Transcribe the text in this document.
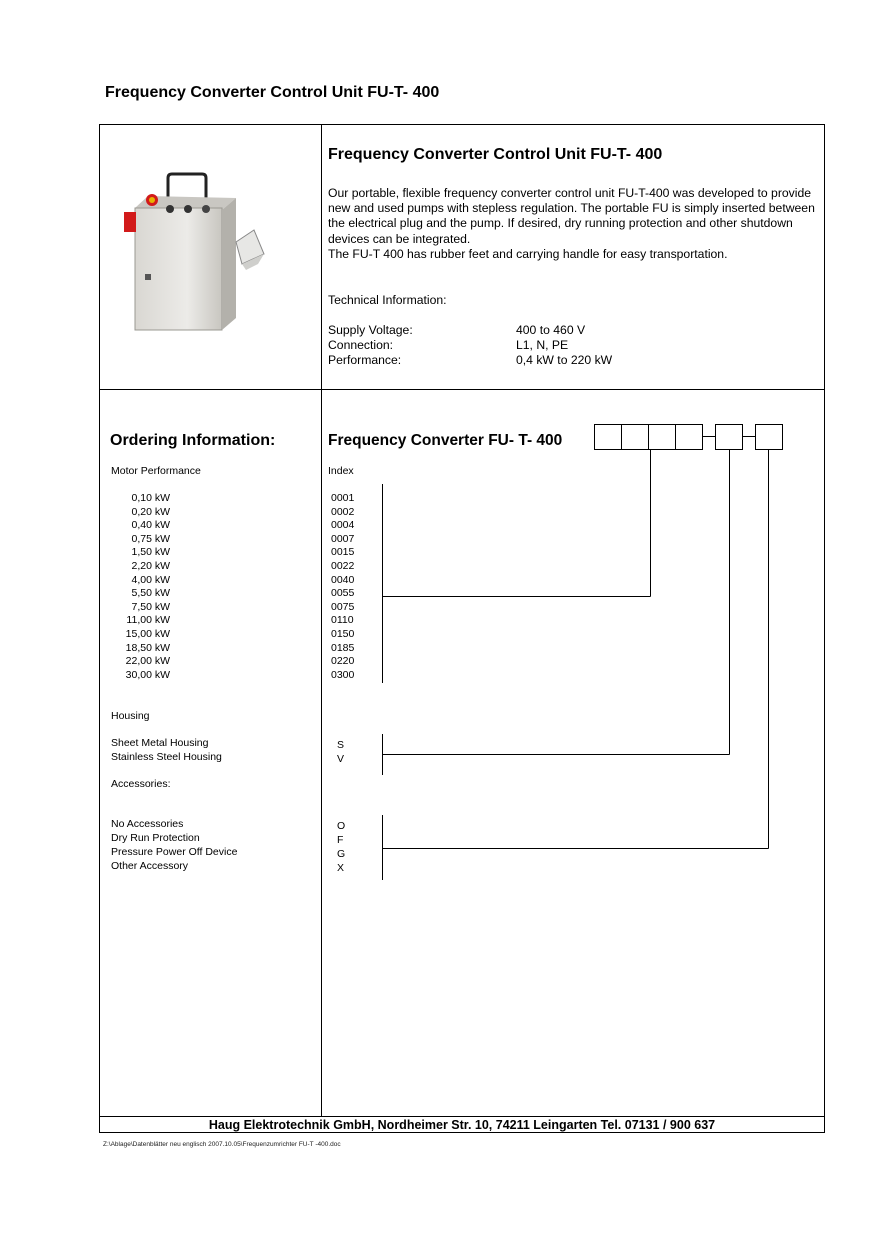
Frequency Converter Control Unit FU-T- 400
Frequency Converter Control Unit FU-T- 400

Our portable, flexible frequency converter control unit FU-T-400 was developed to provide new and used pumps with stepless regulation. The portable FU is simply inserted between the electrical plug and the pump. If desired, dry running protection and other shutdown devices can be integrated.

The FU-T 400 has rubber feet and carrying handle for easy transportation.

Technical Information:
Supply Voltage:	400 to 460 V
Connection:	L1, N, PE
Performance:	0,4 kW to 220 kW
Ordering Information:	Frequency Converter FU- T- 400
Motor Performance	Index
0,10 kW	0001
0,20 kW	0002
0,40 kW	0004
0,75 kW	0007
1,50 kW	0015
2,20 kW	0022
4,00 kW	0040
5,50 kW	0055
7,50 kW	0075
11,00 kW	0110
15,00 kW	0150
18,50 kW	0185
22,00 kW	0220
30,00 kW	0300
Housing
Sheet Metal Housing	S
Stainless Steel Housing	V
Accessories:
No Accessories	O
Dry Run Protection	F
Pressure Power Off Device	G
Other Accessory	X
Haug Elektrotechnik GmbH, Nordheimer Str. 10, 74211 Leingarten Tel. 07131 / 900 637
Z:\Ablage\Datenblätter neu englisch 2007.10.05\Frequenzumrichter FU-T -400.doc
